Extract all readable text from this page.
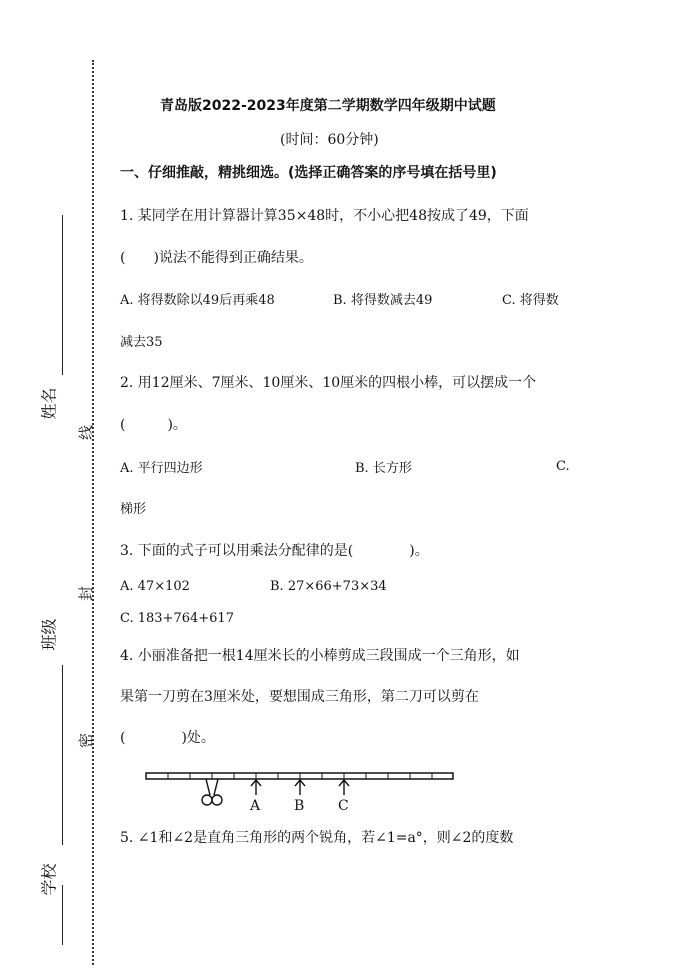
姓名
班级
学校
线
封
密
青岛版2022-2023年度第二学期数学四年级期中试题
(时间：60分钟)
一、仔细推敲，精挑细选。(选择正确答案的序号填在括号里)
1. 某同学在用计算器计算35×48时，不小心把48按成了49，下面
(　　)说法不能得到正确结果。
A. 将得数除以49后再乘48	B. 将得数减去49	C. 将得数
减去35
2. 用12厘米、7厘米、10厘米、10厘米的四根小棒，可以摆成一个
(　　　)。
A. 平行四边形	B. 长方形	C.
梯形
3. 下面的式子可以用乘法分配律的是(　　　　)。
A. 47×102	B. 27×66+73×34
C. 183+764+617
4. 小丽准备把一根14厘米长的小棒剪成三段围成一个三角形，如
果第一刀剪在3厘米处，要想围成三角形，第二刀可以剪在
(　　　　)处。
A B C
5. ∠1和∠2是直角三角形的两个锐角，若∠1=a°，则∠2的度数
